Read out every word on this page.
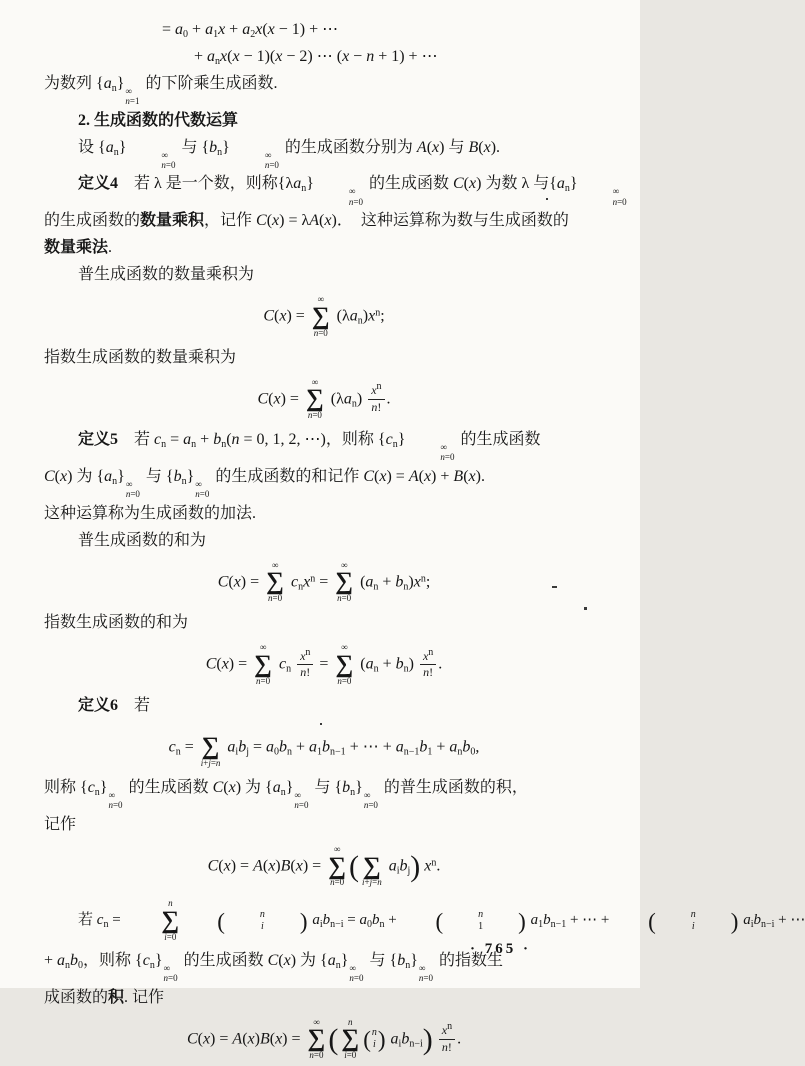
= $a_0 + a_1x + a_2x(x - 1)$ + ⋯
+ $a_nx(x - 1)(x - 2)$ ⋯ (x − n + 1) + ⋯
为数列 $\{a_n\}$ ∞
n=1
的下阶乘生成函数.
2. 生成函数的代数运算
设 $\{a_n\}$	∞
n=0
与 $\{b_n\}$	∞
n=0
的生成函数分别为 A(x) 与 B(x).
定义4　若 λ 是一个数，则称$\{\lambda a_n\}$	∞
n=0
的生成函数 C(x) 为数 λ 与$\{a_n\}$	∞
n=0
的生成函数的数量乘积，记作 C(x) = λA(x)．　这种运算称为数与生成函数的
数量乘法.
普生成函数的数量乘积为
C(x) =
∞
∑
n=0
$(\lambda a_n)x^n$;
指数生成函数的数量乘积为
C(x) =
∞
∑
n=0
$(\lambda a_n) \frac{x^n}{n!}$ .
定义5　若 $c_n = a_n + b_n(n = 0$, 1, 2, ⋯)，则称 $\{c_n\}$	∞
n=0
的生成函数
C(x) 为 $\{a_n\}$ ∞
n=0
与 $\{b_n\}$ ∞
n=0
的生成函数的和记作 C(x) = A(x) + B(x).
这种运算称为生成函数的加法.
普生成函数的和为
C(x) =
∞
∑
n=0
$c_nx^n$ =
∞
∑
n=0
$(a_n + b_n)x^n$;
指数生成函数的和为
C(x) =
∞
∑
n=0
$c_n \frac{x^n}{n!}$ =
∞
∑
n=0
$(a_n + b_n) \frac{x^n}{n!}$ .
定义6　若
$c_n$ =
∑
i+j=n
$a_ib_j = a_0b_n + a_1b_{n-1}$ + ⋯ + $a_{n-1}b_1 + a_nb_0$,
则称 $\{c_n\}$ ∞
n=0
的生成函数 C(x) 为 $\{a_n\}$ ∞
n=0
与 $\{b_n\}$ ∞
n=0
的普生成函数的积，
记作
C(x) = A(x)B(x) =
∞
∑
n=0 (
∑
i+j=n
$a_ib_j$) $x^n$.
若 $c_n$ =
n
∑
i=0
(	n
i	) $a_ib_{n-i} = a_0b_n$ +	(	n
1	) $a_1b_{n-1}$ + ⋯ +	(	n
i	) $a_ib_{n-i}$ + ⋯
+ $a_nb_0$，则称 $\{c_n\}$ ∞
n=0
的生成函数 C(x) 为 $\{a_n\}$ ∞
n=0
与 $\{b_n\}$ ∞
n=0
的指数生
成函数的积. 记作
C(x) = A(x)B(x) =
∞
∑
n=0 (
n
∑
i=0
( n
i ) $a_ib_{n-i}) \frac{x^n}{n!}$ .
· 765 ·
